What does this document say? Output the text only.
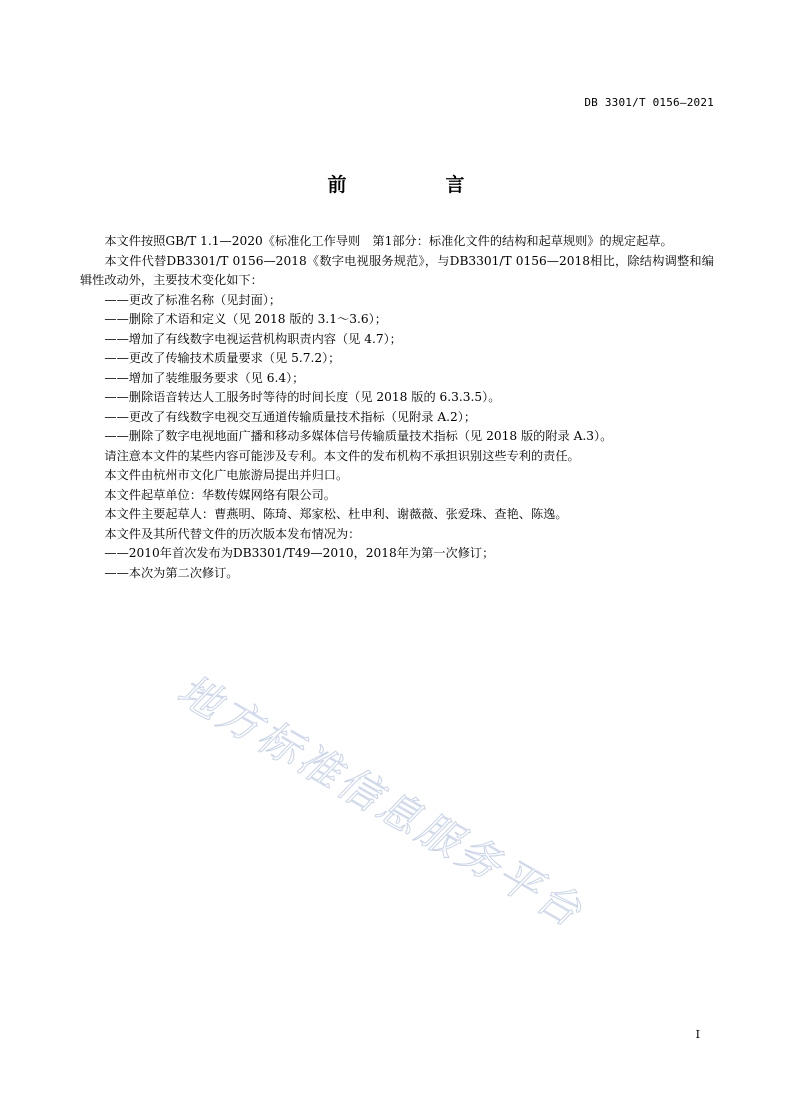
DB 3301/T 0156—2021
前　言

本文件按照GB/T 1.1—2020《标准化工作导则　第1部分：标准化文件的结构和起草规则》的规定起草。

本文件代替DB3301/T 0156—2018《数字电视服务规范》，与DB3301/T 0156—2018相比，除结构调整和编辑性改动外，主要技术变化如下：

——更改了标准名称（见封面）；

——删除了术语和定义（见 2018 版的 3.1～3.6）；

——增加了有线数字电视运营机构职责内容（见 4.7）；

——更改了传输技术质量要求（见 5.7.2）；

——增加了装维服务要求（见 6.4）；

——删除语音转达人工服务时等待的时间长度（见 2018 版的 6.3.3.5）。

——更改了有线数字电视交互通道传输质量技术指标（见附录 A.2）；

——删除了数字电视地面广播和移动多媒体信号传输质量技术指标（见 2018 版的附录 A.3）。

请注意本文件的某些内容可能涉及专利。本文件的发布机构不承担识别这些专利的责任。

本文件由杭州市文化广电旅游局提出并归口。

本文件起草单位：华数传媒网络有限公司。

本文件主要起草人：曹燕明、陈琦、郑家松、杜申利、谢薇薇、张爱珠、查艳、陈逸。

本文件及其所代替文件的历次版本发布情况为：

——2010年首次发布为DB3301/T49—2010，2018年为第一次修订；

——本次为第二次修订。

地方标准信息服务平台
I
